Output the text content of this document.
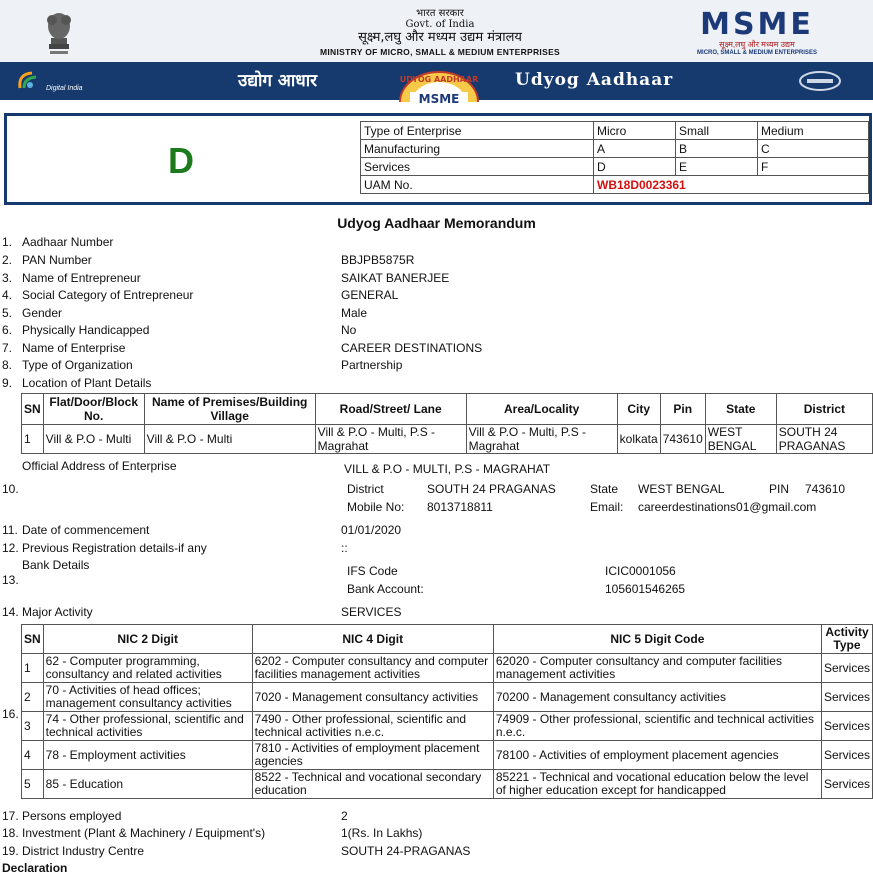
भारत सरकार
Govt. of India
सूक्ष्म,लघु और मध्यम उद्यम मंत्रालय
MINISTRY OF MICRO, SMALL & MEDIUM ENTERPRISES
MSME
सूक्ष्म,लघु और मध्यम उद्यम
MICRO, SMALL & MEDIUM ENTERPRISES
Digital India	उद्योग आधार	UDYOG AADHAAR
MSME
Udyog Aadhaar
D
Type of Enterprise	Micro	Small	Medium
Manufacturing	A	B	C
Services	D	E	F
UAM No.	WB18D0023361		
Udyog Aadhaar Memorandum
1. Aadhaar Number
2. PAN Number	BBJPB5875R
3. Name of Entrepreneur	SAIKAT BANERJEE
4. Social Category of Entrepreneur	GENERAL
5. Gender	Male
6. Physically Handicapped	No
7. Name of Enterprise	CAREER DESTINATIONS
8. Type of Organization	Partnership
9. Location of Plant Details
SN	Flat/Door/Block No.	Name of Premises/Building Village	Road/Street/ Lane	Area/Locality	City	Pin	State	District
1	Vill & P.O - Multi	Vill & P.O - Multi	Vill & P.O - Multi, P.S - Magrahat	Vill & P.O - Multi, P.S - Magrahat	kolkata	743610	WEST BENGAL	SOUTH 24 PRAGANAS
Official Address of Enterprise
10.
VILL & P.O - MULTI, P.S - MAGRAHAT
District	SOUTH 24 PRAGANAS	State WEST BENGAL	PIN 743610
Mobile No: 8013718811	Email: careerdestinations01@gmail.com
11. Date of commencement	01/01/2020
12. Previous Registration details-if any	::
Bank Details
13.
IFS Code	ICIC0001056
Bank Account:	105601546265
14. Major Activity	SERVICES
16.
SN	NIC 2 Digit	NIC 4 Digit	NIC 5 Digit Code	Activity Type
1	62 - Computer programming, consultancy and related activities	6202 - Computer consultancy and computer facilities management activities	62020 - Computer consultancy and computer facilities management activities	Services
2	70 - Activities of head offices; management consultancy activities	7020 - Management consultancy activities	70200 - Management consultancy activities	Services
3	74 - Other professional, scientific and technical activities	7490 - Other professional, scientific and technical activities n.e.c.	74909 - Other professional, scientific and technical activities n.e.c.	Services
4	78 - Employment activities	7810 - Activities of employment placement agencies	78100 - Activities of employment placement agencies	Services
5	85 - Education	8522 - Technical and vocational secondary education	85221 - Technical and vocational education below the level of higher education except for handicapped	Services
17. Persons employed	2
18. Investment (Plant & Machinery / Equipment's)	1(Rs. In Lakhs)
19. District Industry Centre	SOUTH 24-PRAGANAS
Declaration
